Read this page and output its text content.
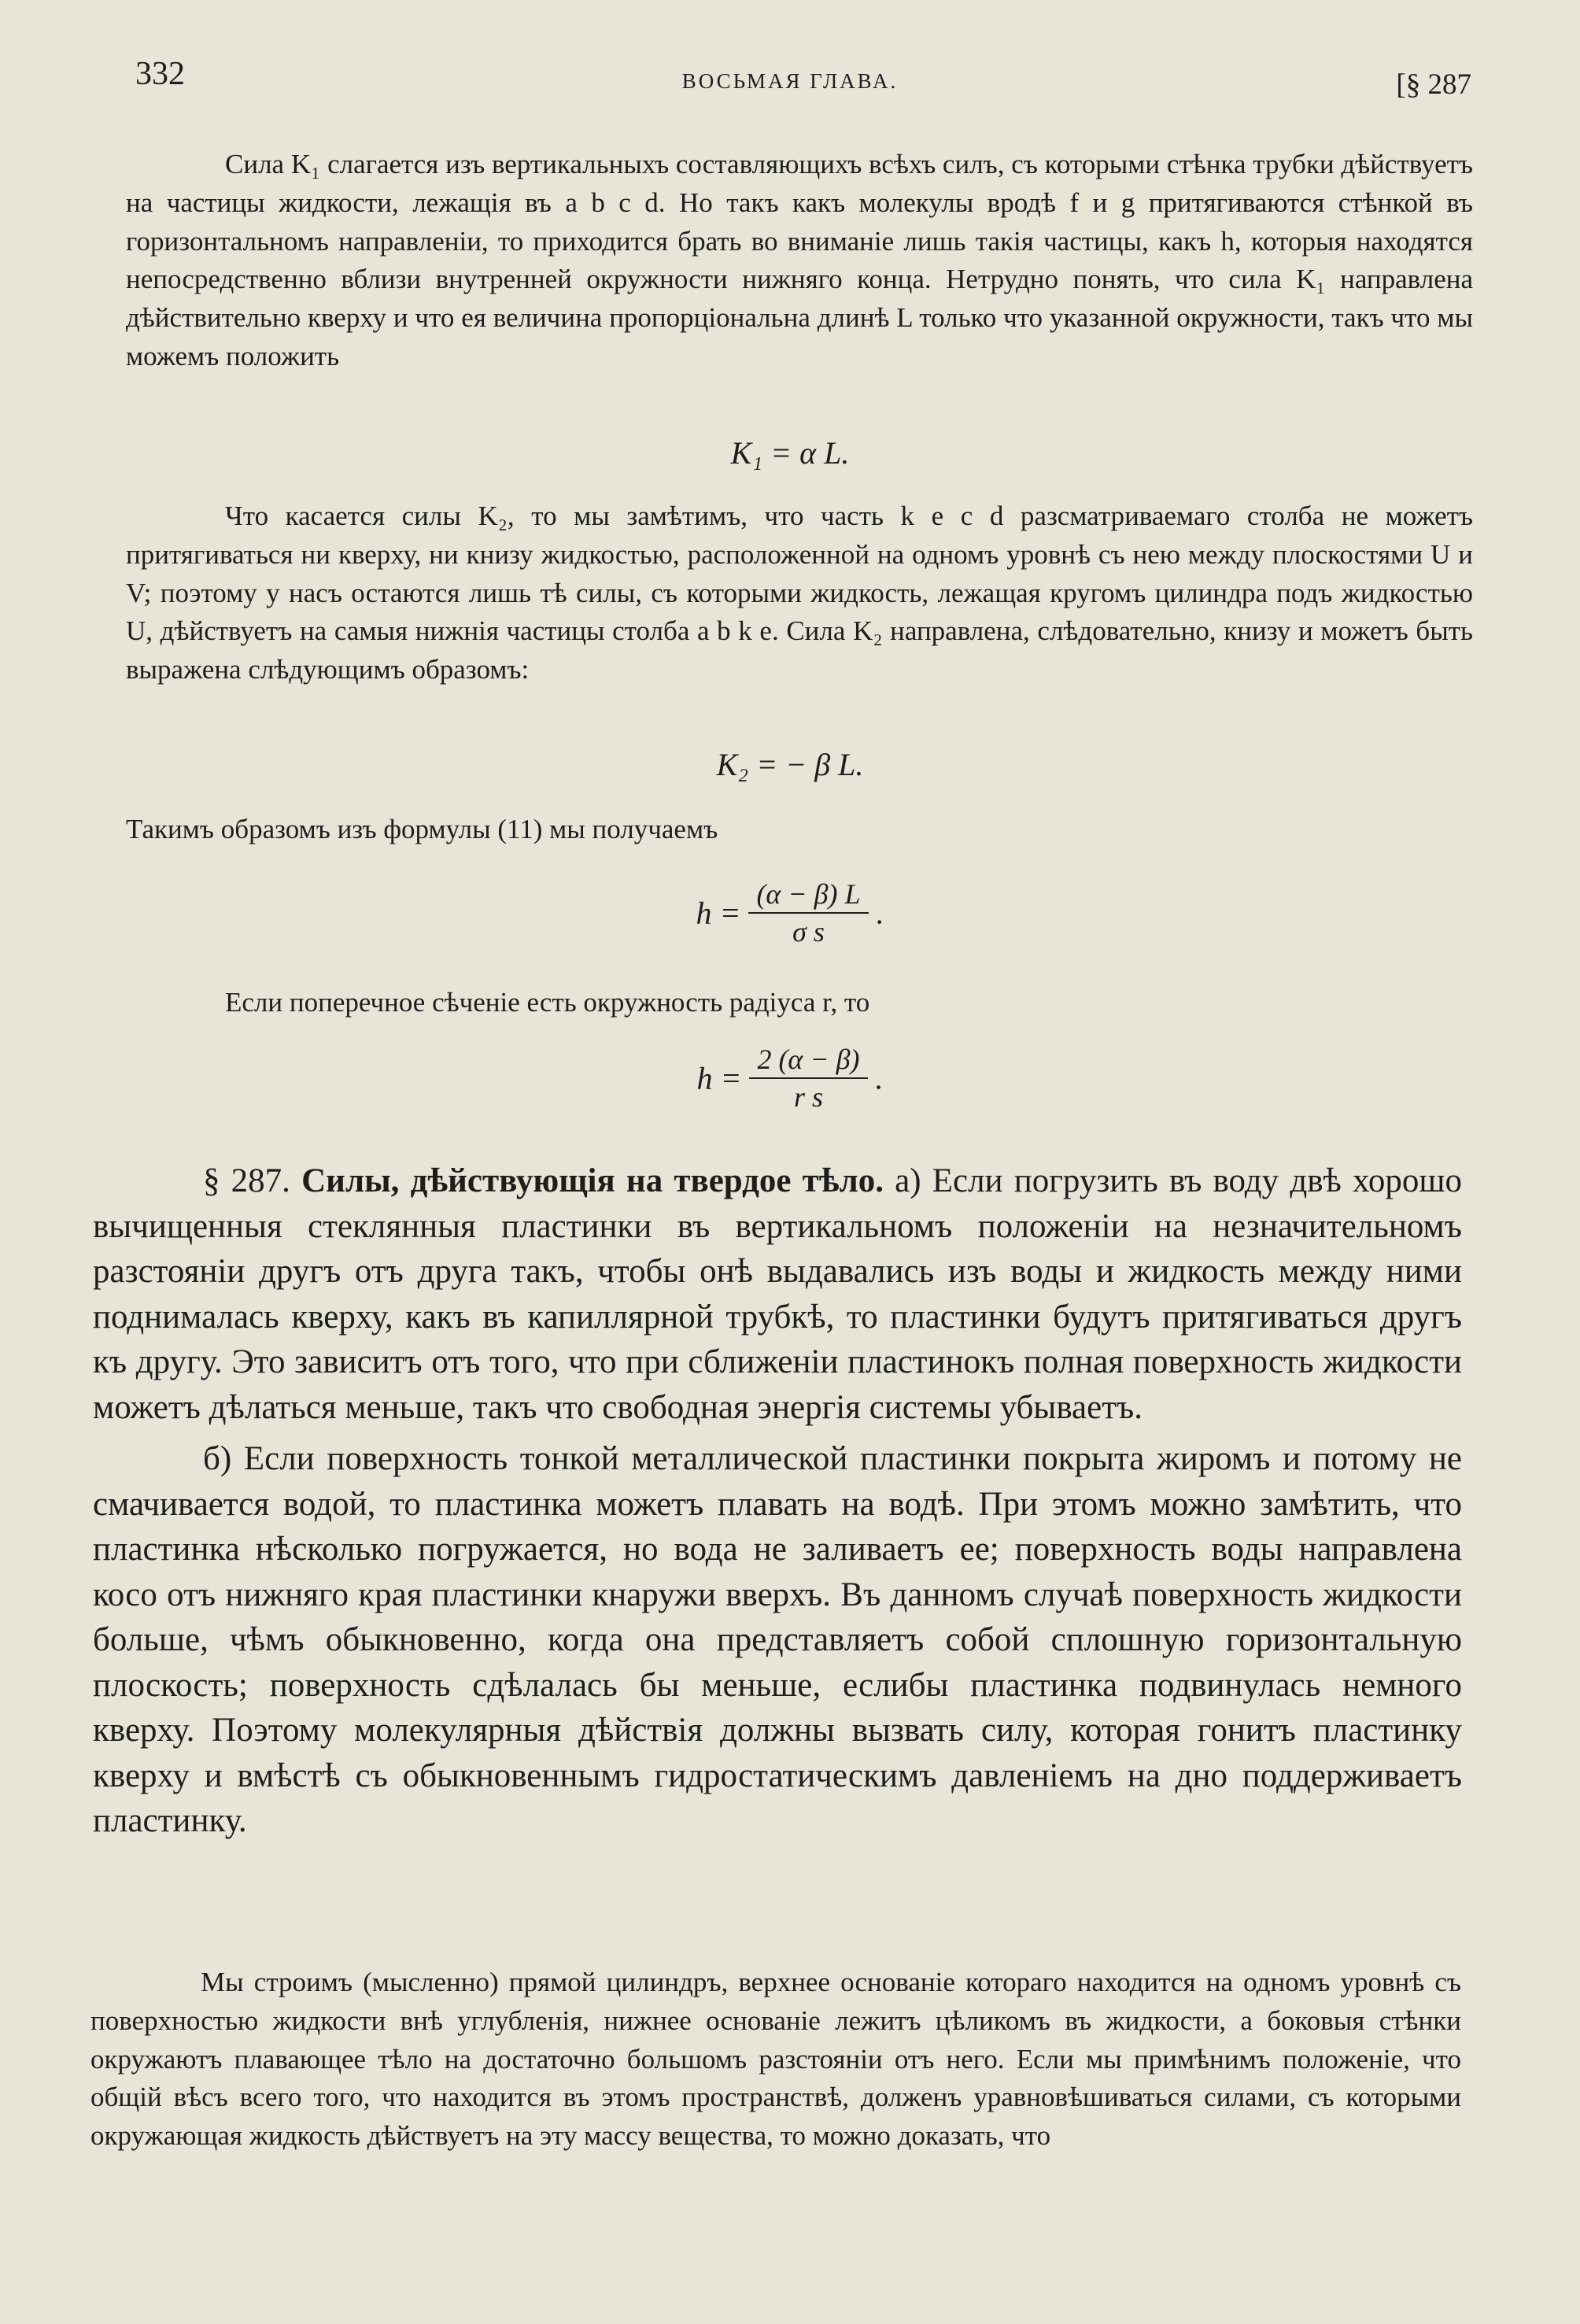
332	ВОСЬМАЯ ГЛАВА.	[§ 287

Сила K₁ слагается изъ вертикальныхъ составляющихъ всѣхъ силъ, съ которыми стѣнка трубки дѣйствуетъ на частицы жидкости, лежащія въ a b c d. Но такъ какъ молекулы вродѣ f и g притягиваются стѣнкой въ горизонтальномъ направленіи, то приходится брать во вниманіе лишь такія частицы, какъ h, которыя находятся непосредственно вблизи внутренней окружности нижняго конца. Нетрудно понять, что сила K₁ направлена дѣйствительно кверху и что ея величина пропорціональна длинѣ L только что указанной окружности, такъ что мы можемъ положить

K₁ = α L.

Что касается силы K₂, то мы замѣтимъ, что часть k e c d разсматриваемаго столба не можетъ притягиваться ни кверху, ни книзу жидкостью, расположенной на одномъ уровнѣ съ нею между плоскостями U и V; поэтому у насъ остаются лишь тѣ силы, съ которыми жидкость, лежащая кругомъ цилиндра подъ жидкостью U, дѣйствуетъ на самыя нижнія частицы столба a b k e. Сила K₂ направлена, слѣдовательно, книзу и можетъ быть выражена слѣдующимъ образомъ:

K₂ = − β L.

Такимъ образомъ изъ формулы (11) мы получаемъ

$h = \frac{(\alpha - \beta) L}{\text{σ s}}$ .

Если поперечное сѣченіе есть окружность радіуса r, то

$h = \frac{2 (\alpha - \beta)}{\text{r s}}$ .

§ 287. Силы, дѣйствующія на твердое тѣло. а) Если погрузить въ воду двѣ хорошо вычищенныя стеклянныя пластинки въ вертикальномъ положеніи на незначительномъ разстояніи другъ отъ друга такъ, чтобы онѣ выдавались изъ воды и жидкость между ними поднималась кверху, какъ въ капиллярной трубкѣ, то пластинки будутъ притягиваться другъ къ другу. Это зависитъ отъ того, что при сближеніи пластинокъ полная поверхность жидкости можетъ дѣлаться меньше, такъ что свободная энергія системы убываетъ.

б) Если поверхность тонкой металлической пластинки покрыта жиромъ и потому не смачивается водой, то пластинка можетъ плавать на водѣ. При этомъ можно замѣтить, что пластинка нѣсколько погружается, но вода не заливаетъ ее; поверхность воды направлена косо отъ нижняго края пластинки кнаружи вверхъ. Въ данномъ случаѣ поверхность жидкости больше, чѣмъ обыкновенно, когда она представляетъ собой сплошную горизонтальную плоскость; поверхность сдѣлалась бы меньше, еслибы пластинка подвинулась немного кверху. Поэтому молекулярныя дѣйствія должны вызвать силу, которая гонитъ пластинку кверху и вмѣстѣ съ обыкновеннымъ гидростатическимъ давленіемъ на дно поддерживаетъ пластинку.

Мы строимъ (мысленно) прямой цилиндръ, верхнее основаніе котораго находится на одномъ уровнѣ съ поверхностью жидкости внѣ углубленія, нижнее основаніе лежитъ цѣликомъ въ жидкости, а боковыя стѣнки окружаютъ плавающее тѣло на достаточно большомъ разстояніи отъ него. Если мы примѣнимъ положеніе, что общій вѣсъ всего того, что находится въ этомъ пространствѣ, долженъ уравновѣшиваться силами, съ которыми окружающая жидкость дѣйствуетъ на эту массу вещества, то можно доказать, что
